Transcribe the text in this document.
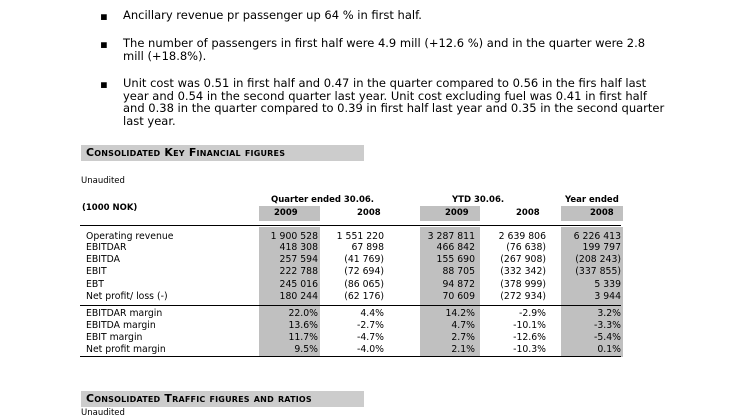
▪ Ancillary revenue pr passenger up 64 % in first half.
▪ The number of passengers in first half were 4.9 mill (+12.6 %) and in the quarter were 2.8
mill (+18.8%).
▪ Unit cost was 0.51 in first half and 0.47 in the quarter compared to 0.56 in the firs half last
year and 0.54 in the second quarter last year. Unit cost excluding fuel was 0.41 in first half
and 0.38 in the quarter compared to 0.39 in first half last year and 0.35 in the second quarter
last year.
Consolidated Key Financial figures
Unaudited
(1000 NOK)
Quarter ended 30.06.	YTD 30.06.	Year ended
2009	2008	2009	2008	2008
Operating revenue	1 900 528	1 551 220	3 287 811	2 639 806	6 226 413
EBITDAR	418 308	67 898	466 842	(76 638)	199 797
EBITDA	257 594	(41 769)	155 690	(267 908)	(208 243)
EBIT	222 788	(72 694)	88 705	(332 342)	(337 855)
EBT	245 016	(86 065)	94 872	(378 999)	5 339
Net profit/ loss (-)	180 244	(62 176)	70 609	(272 934)	3 944
EBITDAR margin	22.0%	4.4%	14.2%	-2.9%	3.2%
EBITDA margin	13.6%	-2.7%	4.7%	-10.1%	-3.3%
EBIT margin	11.7%	-4.7%	2.7%	-12.6%	-5.4%
Net profit margin	9.5%	-4.0%	2.1%	-10.3%	0.1%
Consolidated Traffic figures and ratios
Unaudited
